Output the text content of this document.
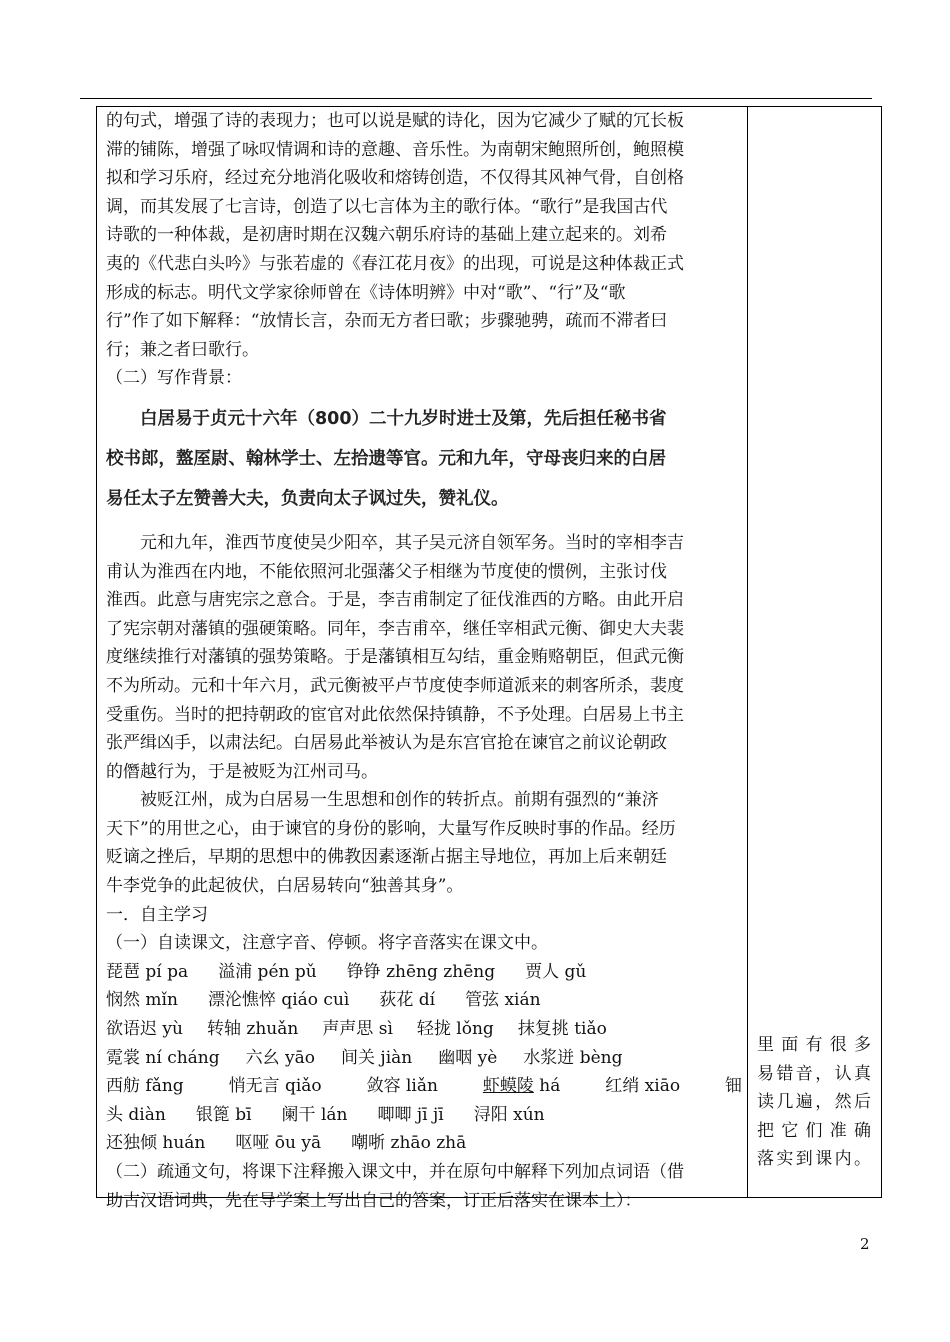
的句式，增强了诗的表现力；也可以说是赋的诗化，因为它减少了赋的冗长板

滞的铺陈，增强了咏叹情调和诗的意趣、音乐性。为南朝宋鲍照所创，鲍照模

拟和学习乐府，经过充分地消化吸收和熔铸创造，不仅得其风神气骨，自创格

调，而其发展了七言诗，创造了以七言体为主的歌行体。“歌行”是我国古代

诗歌的一种体裁，是初唐时期在汉魏六朝乐府诗的基础上建立起来的。刘希

夷的《代悲白头吟》与张若虚的《春江花月夜》的出现，可说是这种体裁正式

形成的标志。明代文学家徐师曾在《诗体明辨》中对“歌”、“行”及“歌

行”作了如下解释：“放情长言，杂而无方者曰歌；步骤驰骋，疏而不滞者曰

行；兼之者曰歌行。

（二）写作背景：

白居易于贞元十六年（800）二十九岁时进士及第，先后担任秘书省

校书郎，盩厔尉、翰林学士、左拾遗等官。元和九年，守母丧归来的白居

易任太子左赞善大夫，负责向太子讽过失，赞礼仪。

元和九年，淮西节度使吴少阳卒，其子吴元济自领军务。当时的宰相李吉

甫认为淮西在内地，不能依照河北强藩父子相继为节度使的惯例，主张讨伐

淮西。此意与唐宪宗之意合。于是，李吉甫制定了征伐淮西的方略。由此开启

了宪宗朝对藩镇的强硬策略。同年，李吉甫卒，继任宰相武元衡、御史大夫裴

度继续推行对藩镇的强势策略。于是藩镇相互勾结，重金贿赂朝臣，但武元衡

不为所动。元和十年六月，武元衡被平卢节度使李师道派来的刺客所杀，裴度

受重伤。当时的把持朝政的宦官对此依然保持镇静，不予处理。白居易上书主

张严缉凶手，以肃法纪。白居易此举被认为是东宫官抢在谏官之前议论朝政

的僭越行为，于是被贬为江州司马。

被贬江州，成为白居易一生思想和创作的转折点。前期有强烈的“兼济

天下”的用世之心，由于谏官的身份的影响，大量写作反映时事的作品。经历

贬谪之挫后，早期的思想中的佛教因素逐渐占据主导地位，再加上后来朝廷

牛李党争的此起彼伏，白居易转向“独善其身”。

一．自主学习

（一）自读课文，注意字音、停顿。将字音落实在课文中。

琵琶 pí pa 溢浦 pén pǔ 铮铮 zhēng zhēng 贾人 gǔ
悯然 mǐn 漂沦憔悴 qiáo cuì 荻花 dí 管弦 xián
欲语迟 yù 转轴 zhuǎn 声声思 sì 轻拢 lǒng 抹复挑 tiǎo
霓裳 ní cháng 六幺 yāo 间关 jiàn 幽咽 yè 水浆迸 bèng
西舫 fǎng	悄无言 qiǎo	敛容 liǎn	虾蟆陵 há	红绡 xiāo	钿
头 diàn 银篦 bī 阑干 lán 唧唧 jī jī 浔阳 xún
还独倾 huán 呕哑 ōu yā 嘲哳 zhāo zhā

（二）疏通文句，将课下注释搬入课文中，并在原句中解释下列加点词语（借

助古汉语词典，先在导学案上写出自己的答案，订正后落实在课本上）：

里面有很多

易错音，认真

读几遍，然后

把它们准确

落实到课内。

2
